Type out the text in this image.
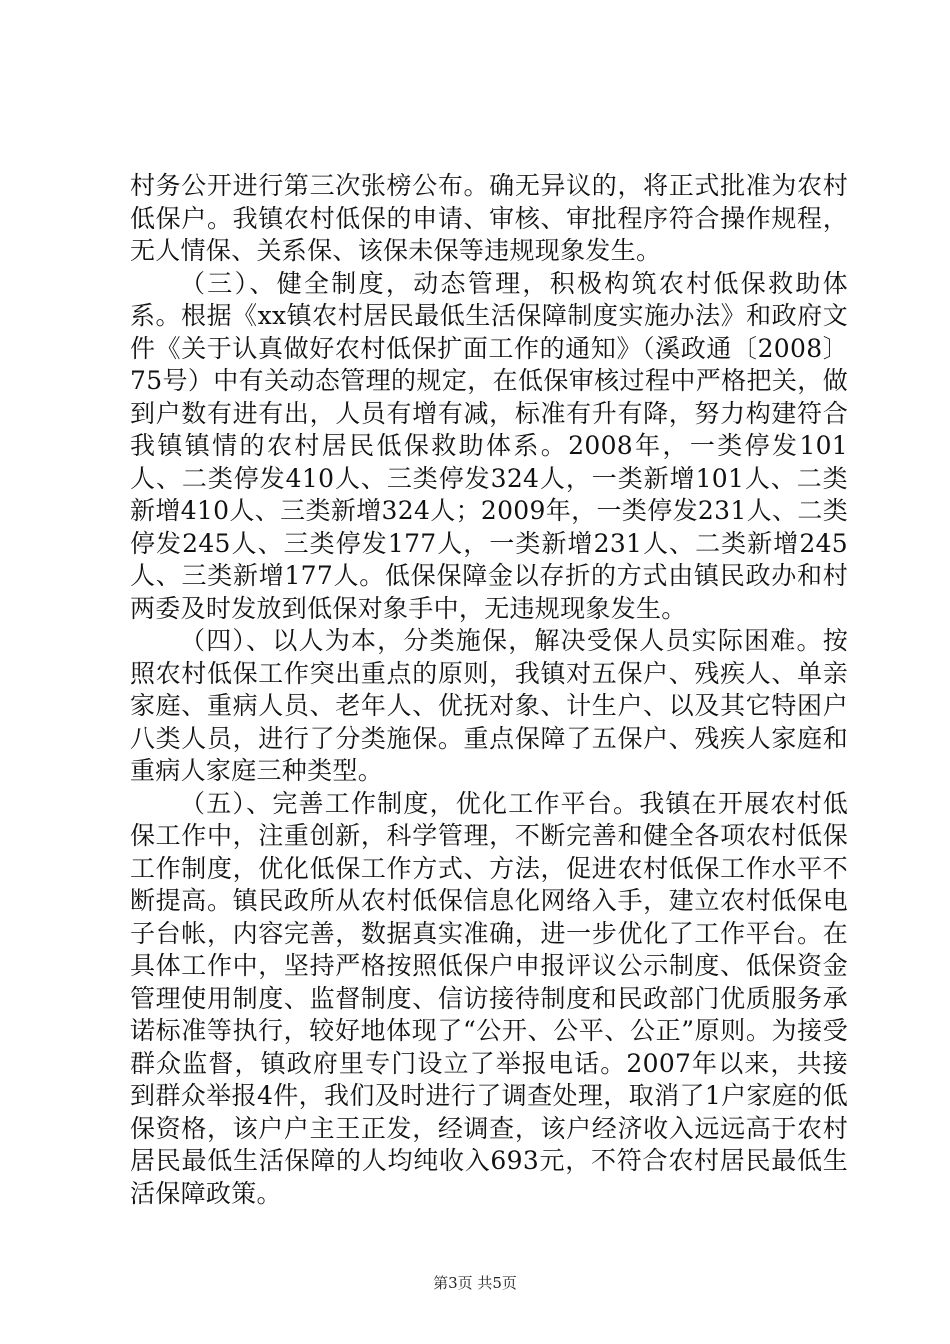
村务公开进行第三次张榜公布。确无异议的，将正式批准为农村低保户。我镇农村低保的申请、审核、审批程序符合操作规程，无人情保、关系保、该保未保等违规现象发生。

（三）、健全制度，动态管理，积极构筑农村低保救助体系。根据《xx镇农村居民最低生活保障制度实施办法》和政府文件《关于认真做好农村低保扩面工作的通知》（溪政通〔2008〕75号）中有关动态管理的规定，在低保审核过程中严格把关，做到户数有进有出，人员有增有减，标准有升有降，努力构建符合我镇镇情的农村居民低保救助体系。2008年，一类停发101人、二类停发410人、三类停发324人，一类新增101人、二类新增410人、三类新增324人；2009年，一类停发231人、二类停发245人、三类停发177人，一类新增231人、二类新增245人、三类新增177人。低保保障金以存折的方式由镇民政办和村两委及时发放到低保对象手中，无违规现象发生。

（四）、以人为本，分类施保，解决受保人员实际困难。按照农村低保工作突出重点的原则，我镇对五保户、残疾人、单亲家庭、重病人员、老年人、优抚对象、计生户、以及其它特困户八类人员，进行了分类施保。重点保障了五保户、残疾人家庭和重病人家庭三种类型。

（五）、完善工作制度，优化工作平台。我镇在开展农村低保工作中，注重创新，科学管理，不断完善和健全各项农村低保工作制度，优化低保工作方式、方法，促进农村低保工作水平不断提高。镇民政所从农村低保信息化网络入手，建立农村低保电子台帐，内容完善，数据真实准确，进一步优化了工作平台。在具体工作中，坚持严格按照低保户申报评议公示制度、低保资金管理使用制度、监督制度、信访接待制度和民政部门优质服务承诺标准等执行，较好地体现了“公开、公平、公正”原则。为接受群众监督，镇政府里专门设立了举报电话。2007年以来，共接到群众举报4件，我们及时进行了调查处理，取消了1户家庭的低保资格，该户户主王正发，经调查，该户经济收入远远高于农村居民最低生活保障的人均纯收入693元，不符合农村居民最低生活保障政策。

第3页 共5页
